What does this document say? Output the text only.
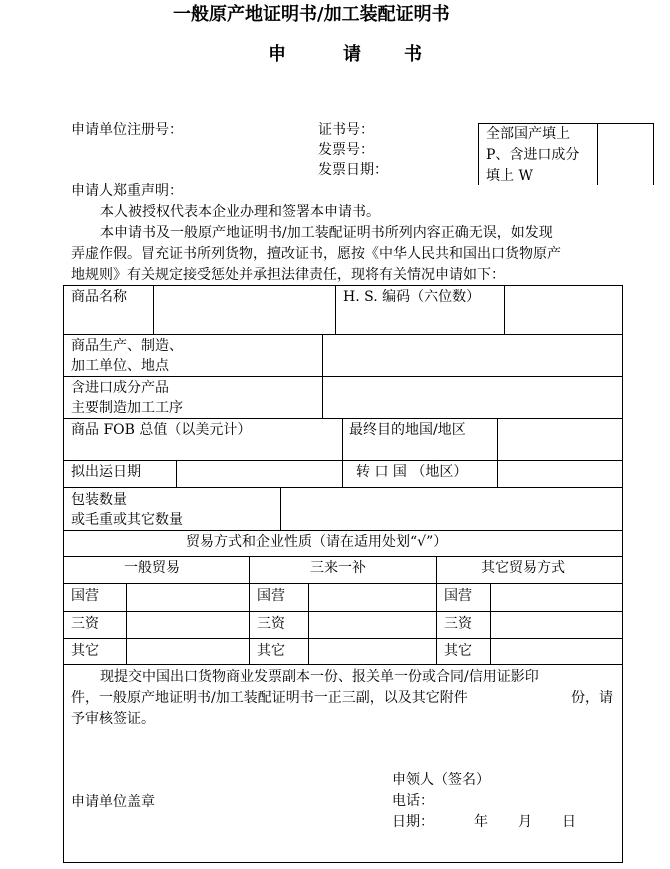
一般原产地证明书/加工装配证明书
申	请 书
申请单位注册号：	证书号：
发票号：
发票日期：
全部国产填上
P、含进口成分
填上 W
申请人郑重声明：
本人被授权代表本企业办理和签署本申请书。
本申请书及一般原产地证明书/加工装配证明书所列内容正确无误，如发现
弄虚作假。冒充证书所列货物，擅改证书，愿按《中华人民共和国出口货物原产
地规则》有关规定接受惩处并承担法律责任，现将有关情况申请如下：
商品名称	H. S. 编码（六位数）
商品生产、制造、
加工单位、地点
含进口成分产品
主要制造加工工序
商品 FOB 总值（以美元计）	最终目的地国/地区
拟出运日期	转 口 国 （地区）
包装数量
或毛重或其它数量
贸易方式和企业性质（请在适用处划“√”）
一般贸易	三来一补	其它贸易方式
国营	国营	国营
三资	三资	三资
其它	其它	其它
现提交中国出口货物商业发票副本一份、报关单一份或合同/信用证影印
件，一般原产地证明书/加工装配证明书一正三副，以及其它附件	份，请
予审核签证。
申请单位盖章
申领人（签名）
电话：
日期：	年 月 日
